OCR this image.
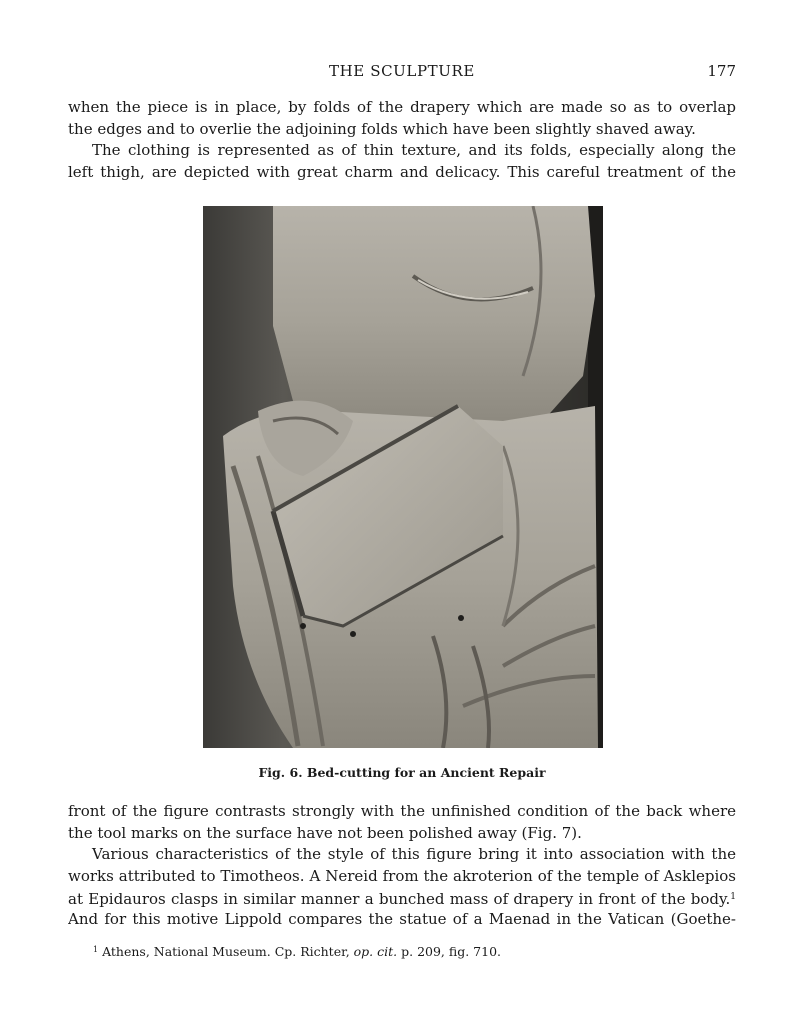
THE SCULPTURE	177
when the piece is in place, by folds of the drapery which are made so as to overlap
the edges and to overlie the adjoining folds which have been slightly shaved away.
The clothing is represented as of thin texture, and its folds, especially along the
left thigh, are depicted with great charm and delicacy. This careful treatment of the
Fig. 6. Bed-cutting for an Ancient Repair
front of the figure contrasts strongly with the unfinished condition of the back where
the tool marks on the surface have not been polished away (Fig. 7).
Various characteristics of the style of this figure bring it into association with the
works attributed to Timotheos. A Nereid from the akroterion of the temple of Asklepios
at Epidauros clasps in similar manner a bunched mass of drapery in front of the body.$^1$
And for this motive Lippold compares the statue of a Maenad in the Vatican (Goethe-
$^1$ Athens, National Museum. Cp. Richter, op. cit. p. 209, fig. 710.
